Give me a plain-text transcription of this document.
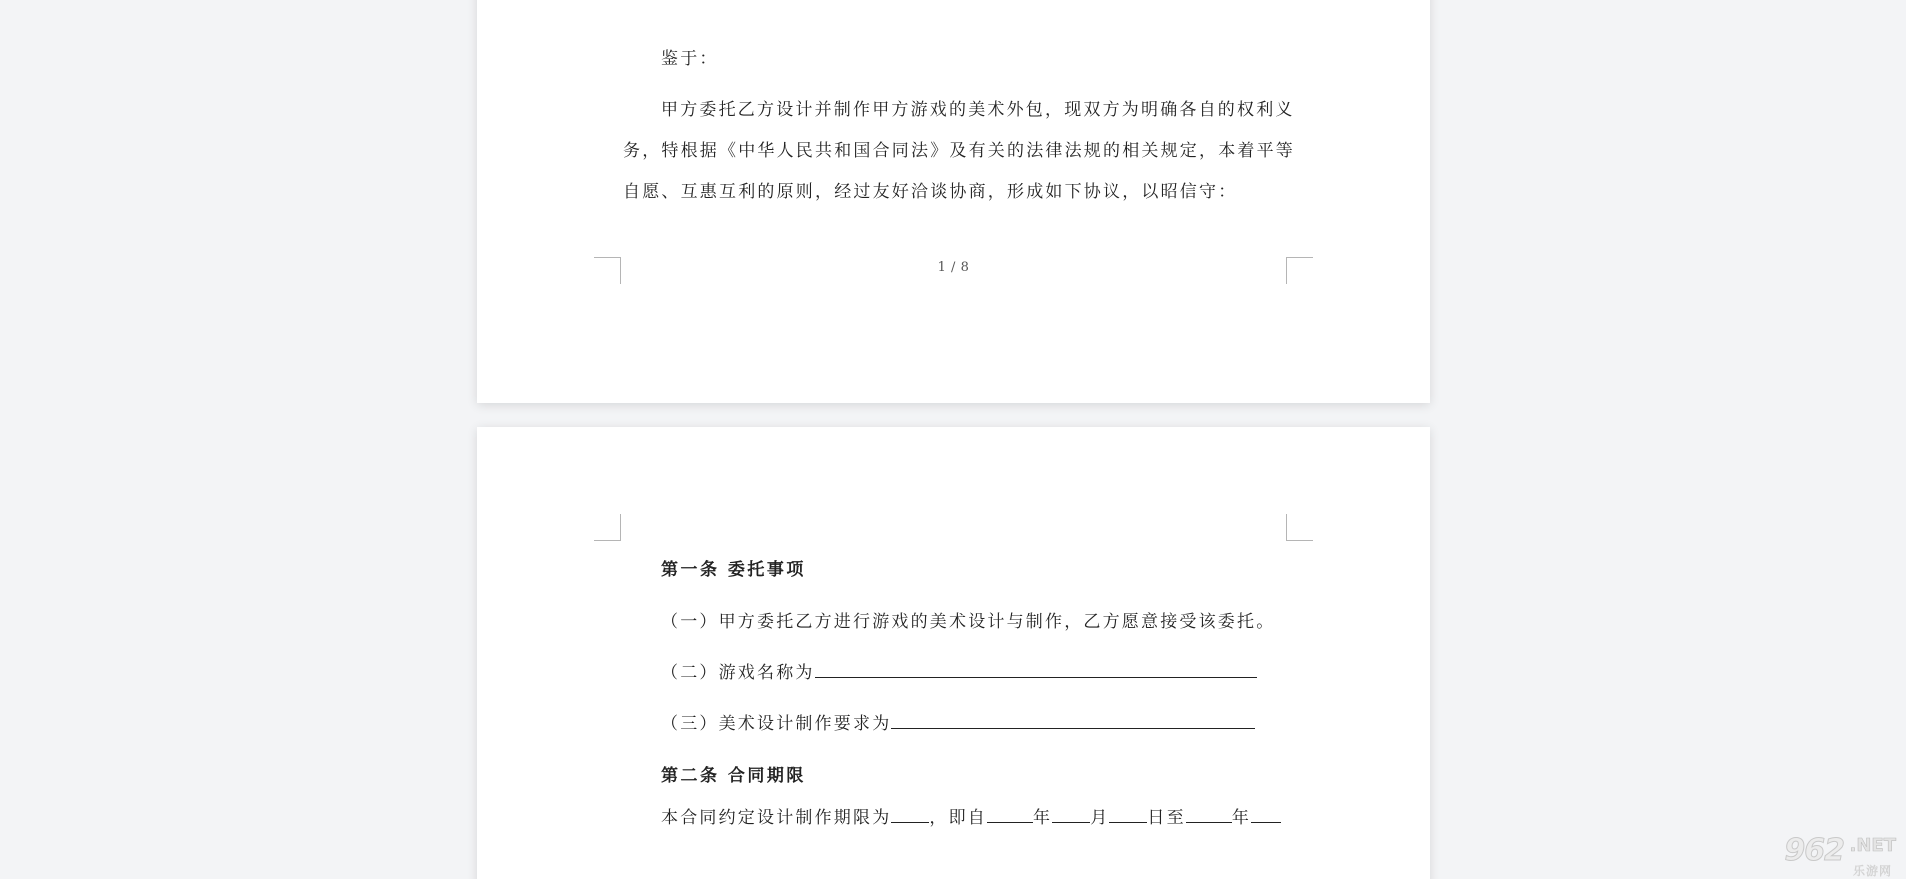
鉴于：
甲方委托乙方设计并制作甲方游戏的美术外包，现双方为明确各自的权利义
务，特根据《中华人民共和国合同法》及有关的法律法规的相关规定，本着平等
自愿、互惠互利的原则，经过友好洽谈协商，形成如下协议，以昭信守：
1 / 8
第一条 委托事项
（一）甲方委托乙方进行游戏的美术设计与制作，乙方愿意接受该委托。
（二）游戏名称为
（三）美术设计制作要求为
第二条 合同期限
本合同约定设计制作期限为 ，即自	年 月 日至	年
962 .NET
乐游网
